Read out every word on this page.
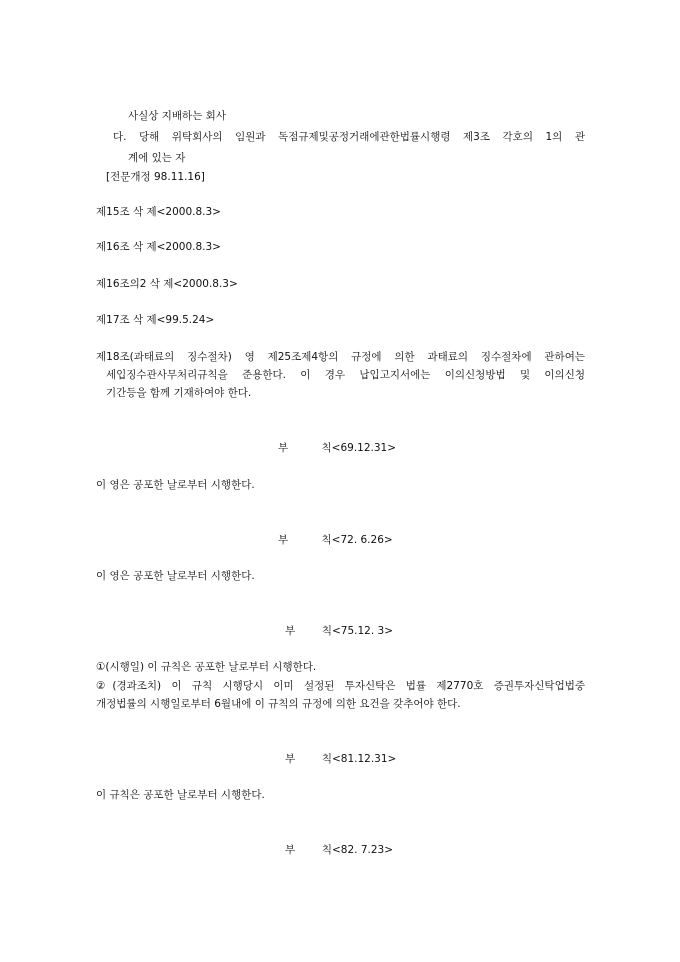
사실상 지배하는 회사
다. 당해 위탁회사의 임원과 독점규제및공정거래에관한법률시행령 제3조 각호의 1의 관
계에 있는 자
[전문개정 98.11.16]
제15조 삭 제<2000.8.3>
제16조 삭 제<2000.8.3>
제16조의2 삭 제<2000.8.3>
제17조 삭 제<99.5.24>
제18조(과태료의 징수절차) 영 제25조제4항의 규정에 의한 과태료의 징수절차에 관하여는
세입징수관사무처리규칙을 준용한다. 이 경우 납입고지서에는 이의신청방법 및 이의신청
기간등을 함께 기재하여야 한다.
부          칙<69.12.31>
이 영은 공포한 날로부터 시행한다.
부          칙<72. 6.26>
이 영은 공포한 날로부터 시행한다.
부        칙<75.12. 3>
①(시행일) 이 규칙은 공포한 날로부터 시행한다.
②(경과조치) 이 규칙 시행당시 이미 설정된 투자신탁은 법률 제2770호 증권투자신탁업법중
개정법률의 시행일로부터 6월내에 이 규칙의 규정에 의한 요건을 갖추어야 한다.
부        칙<81.12.31>
이 규칙은 공포한 날로부터 시행한다.
부        칙<82. 7.23>
